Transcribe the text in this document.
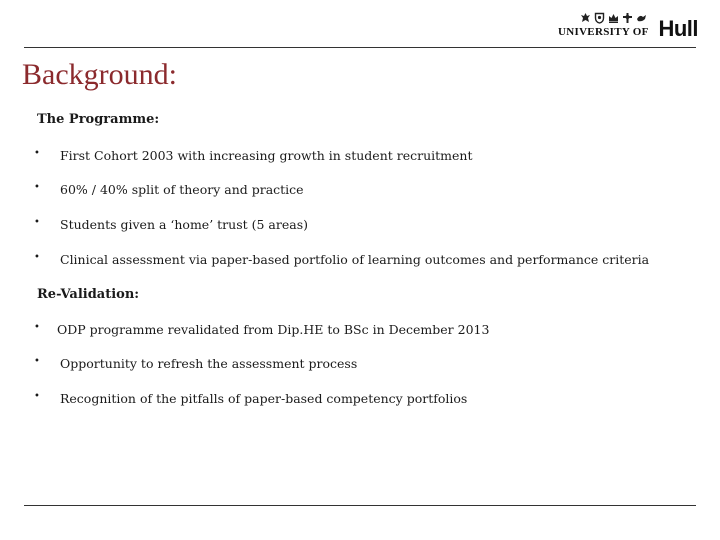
UNIVERSITY OF Hull
Background:
The Programme:
• First Cohort 2003 with increasing growth in student recruitment
• 60% / 40% split of theory and practice
• Students given a ‘home’ trust (5 areas)
• Clinical assessment via paper-based portfolio of learning outcomes and performance criteria
Re-Validation:
• ODP programme revalidated from Dip.HE to BSc in December 2013
• Opportunity to refresh the assessment process
• Recognition of the pitfalls of paper-based competency portfolios
